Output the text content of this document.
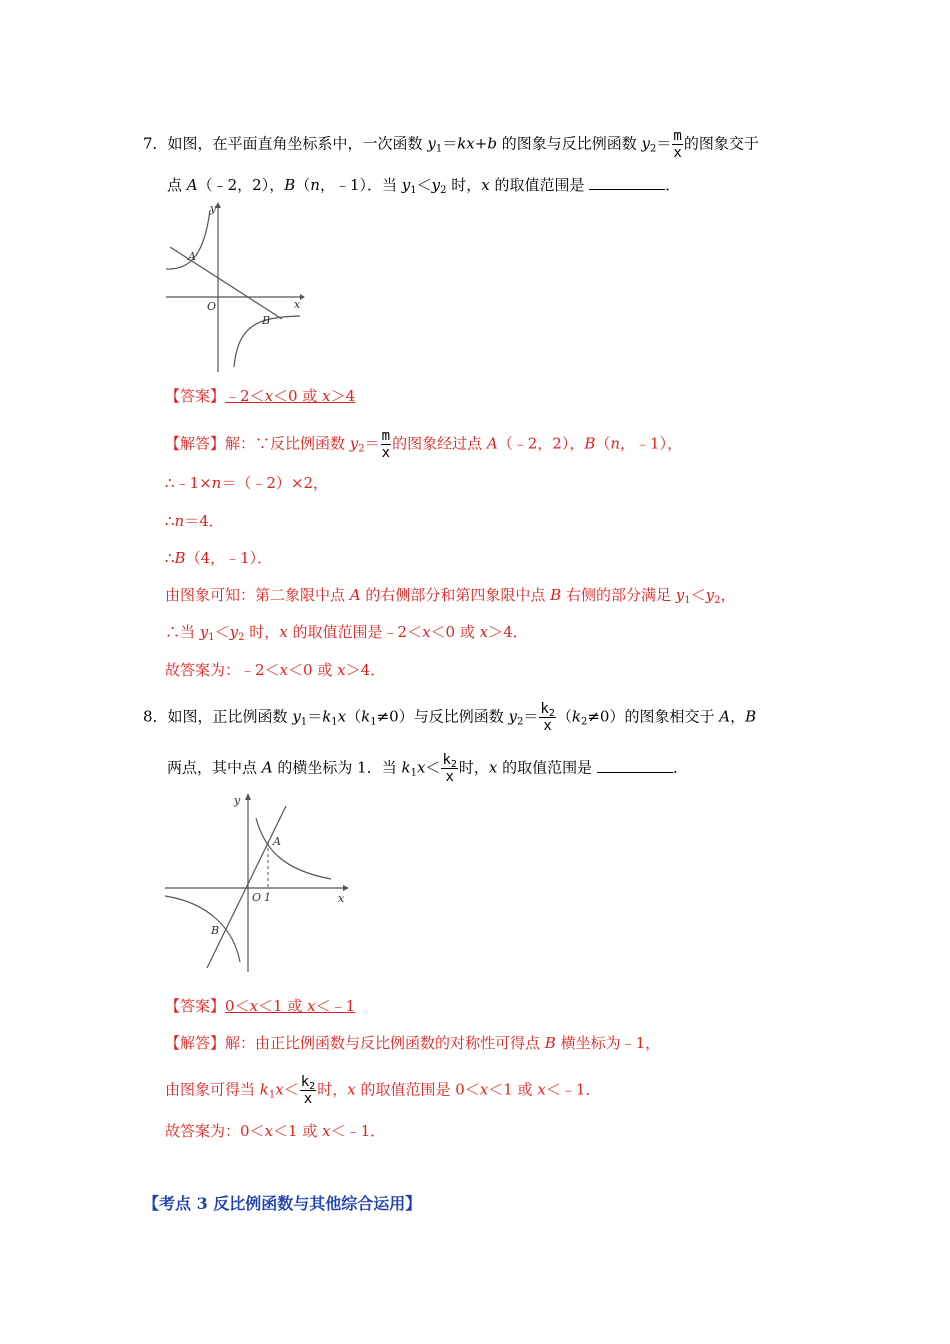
7．如图，在平面直角坐标系中，一次函数 $y_1=kx+b$ 的图象与反比例函数 $y_2= \frac{m}{x}$ 的图象交于
点 A（﹣2，2），B（n，﹣1）．当 $y_1<y_2$ 时，x 的取值范围是	．
y
x
O
A
B
【答案】﹣2＜x＜0 或 x＞4
【解答】解：∵反比例函数 $y_2= \frac{m}{x}$ 的图象经过点 A（﹣2，2），B（n，﹣1），
∴﹣1×n＝（﹣2）×2，
∴n＝4．
∴B（4，﹣1）．
由图象可知：第二象限中点 A 的右侧部分和第四象限中点 B 右侧的部分满足 $y_1<y_2$，
∴当 $y_1<y_2$ 时，x 的取值范围是﹣2＜x＜0 或 x＞4．
故答案为：﹣2＜x＜0 或 x＞4．
8．如图，正比例函数 $y_1=k_1x(k_1\ne 0)$与反比例函数 $y_2= \frac{k_2}{x} (k_2\ne 0)$的图象相交于 A，B
两点，其中点 A 的横坐标为 1．当 $k_1x< \frac{k_2}{x}$ 时，x 的取值范围是	．
y
x
O 1
A
B
【答案】0＜x＜1 或 x＜﹣1
【解答】解：由正比例函数与反比例函数的对称性可得点 B 横坐标为﹣1，
由图象可得当 $k_1x< \frac{k_2}{x}$ 时，x 的取值范围是 0＜x＜1 或 x＜﹣1．
故答案为：0＜x＜1 或 x＜﹣1．
【考点 3 反比例函数与其他综合运用】
